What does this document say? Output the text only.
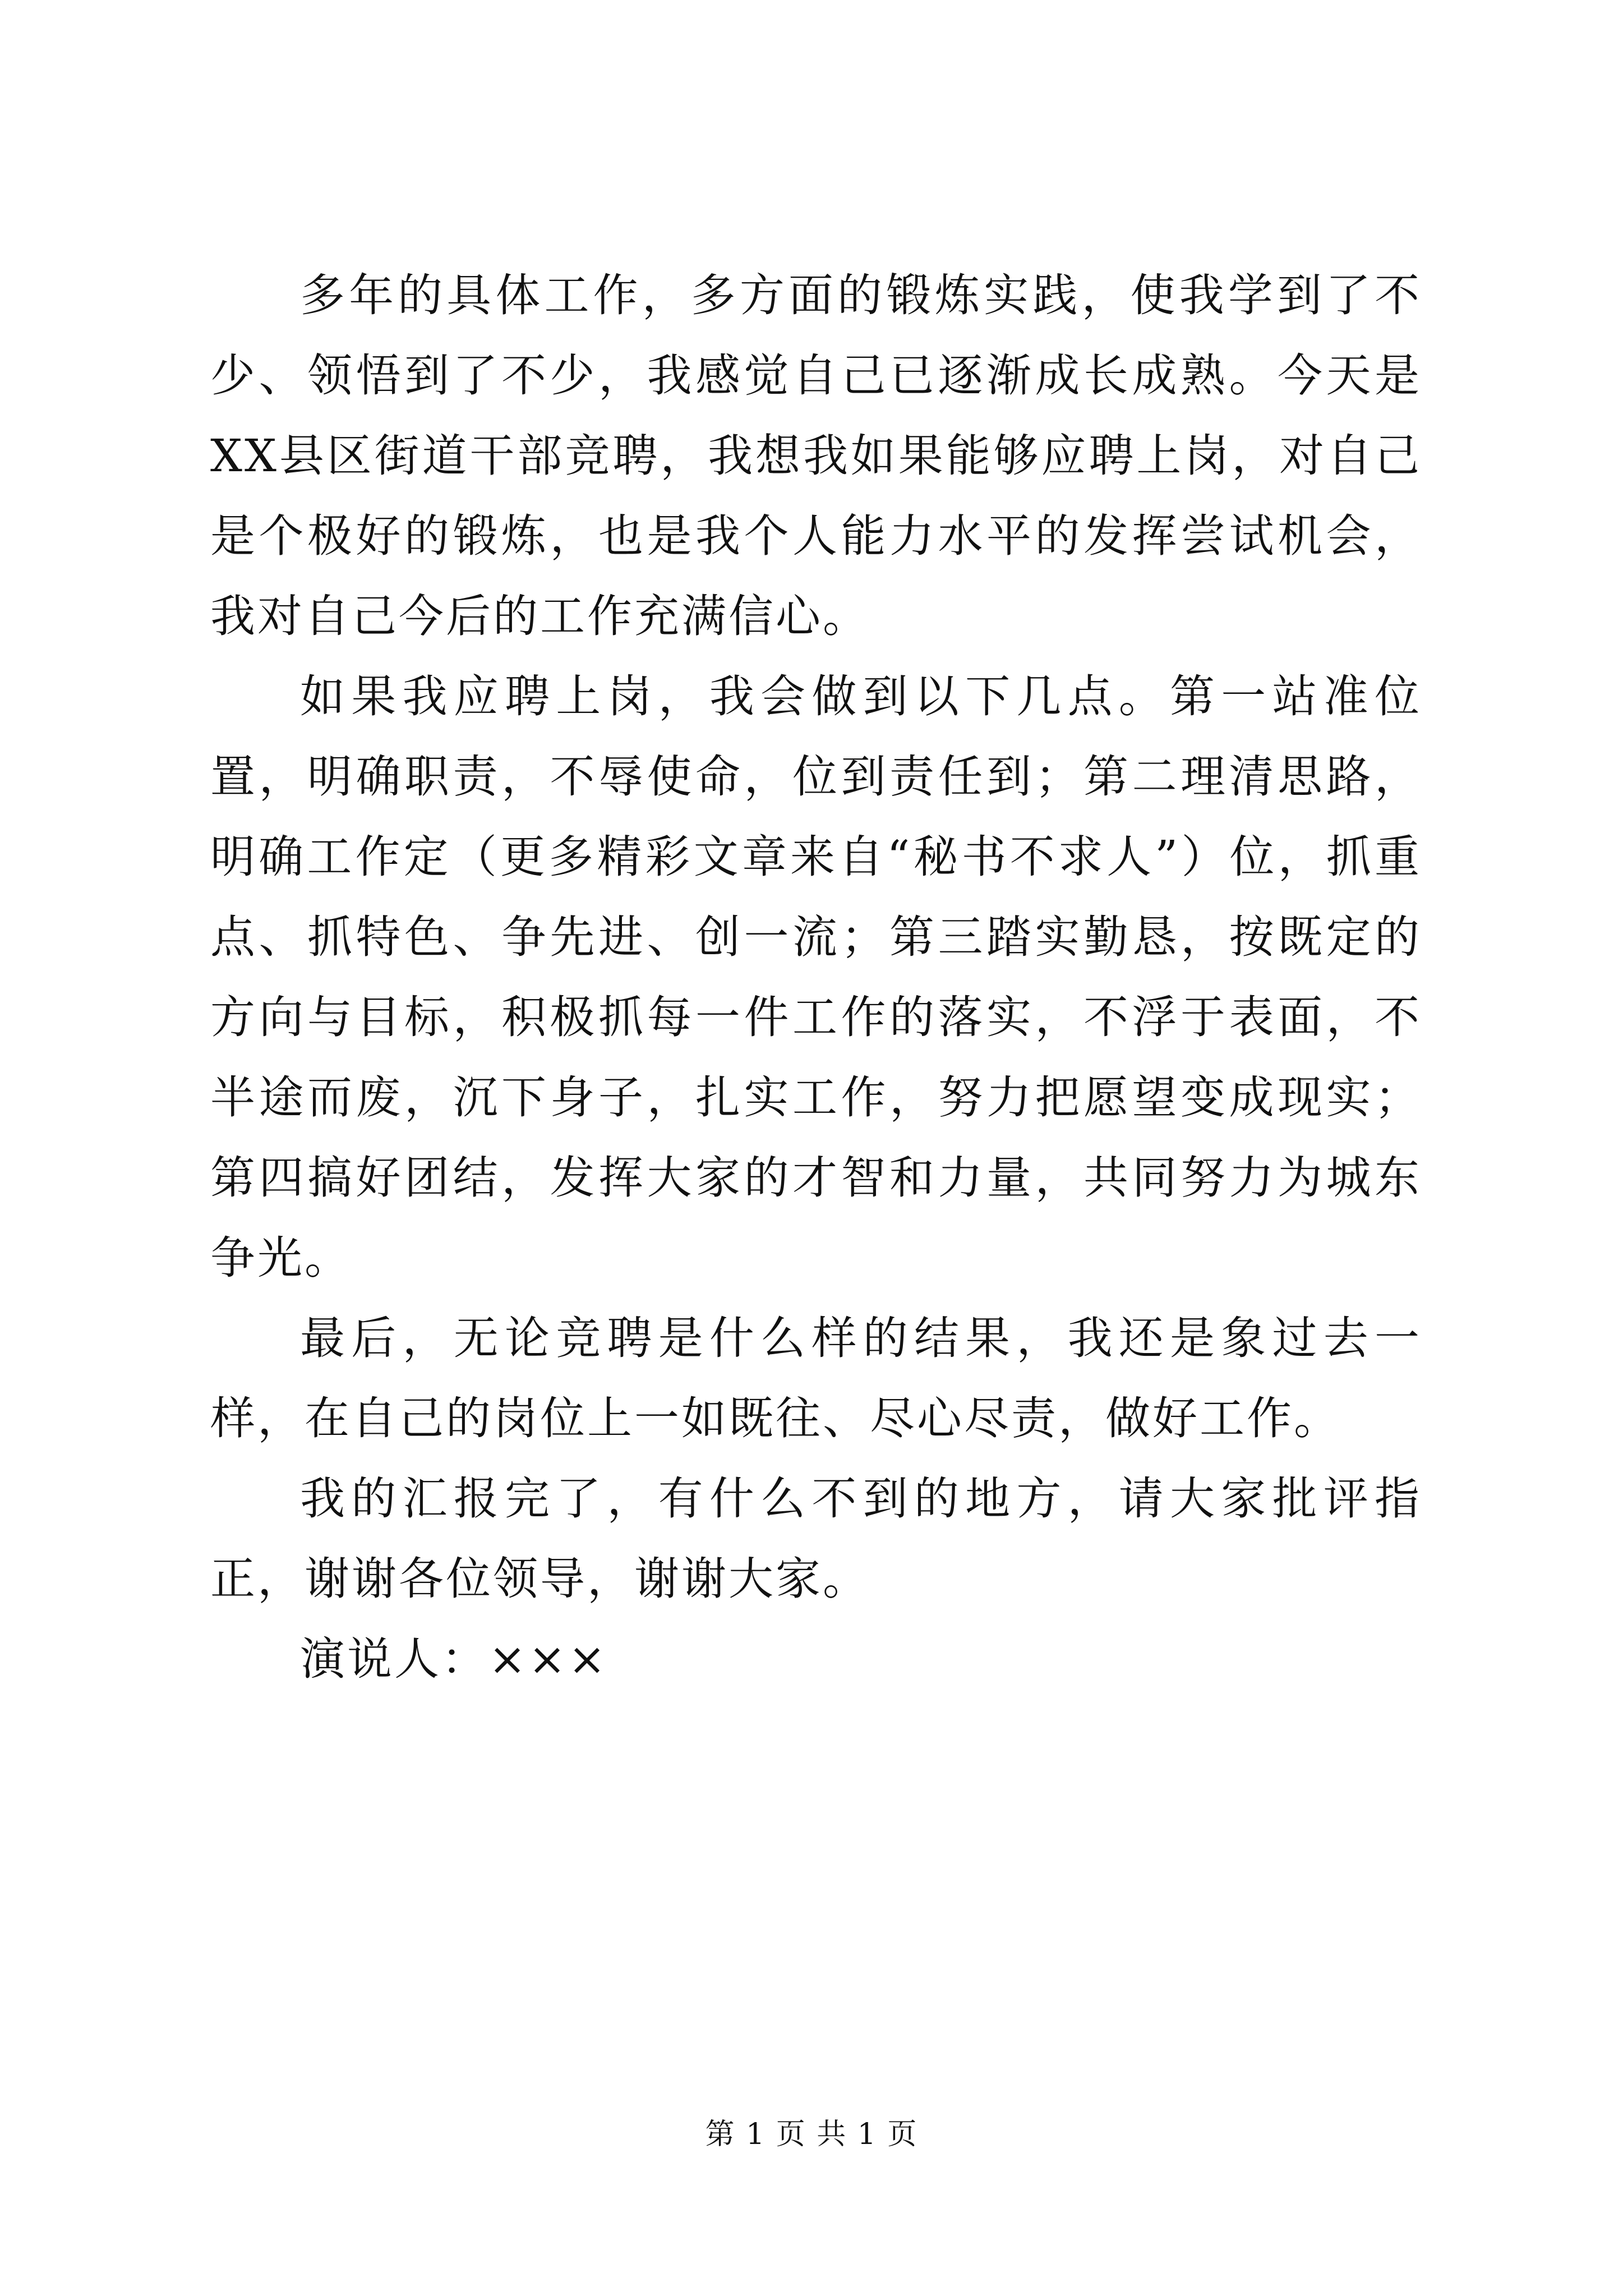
多年的具体工作，多方面的锻炼实践，使我学到了不少、领悟到了不少，我感觉自己已逐渐成长成熟。今天是XX县区街道干部竞聘，我想我如果能够应聘上岗，对自己是个极好的锻炼，也是我个人能力水平的发挥尝试机会，我对自己今后的工作充满信心。

如果我应聘上岗，我会做到以下几点。第一站准位置，明确职责，不辱使命，位到责任到；第二理清思路，明确工作定（更多精彩文章来自“秘书不求人”）位，抓重点、抓特色、争先进、创一流；第三踏实勤恳，按既定的方向与目标，积极抓每一件工作的落实，不浮于表面，不半途而废，沉下身子，扎实工作，努力把愿望变成现实；第四搞好团结，发挥大家的才智和力量，共同努力为城东争光。

最后，无论竞聘是什么样的结果，我还是象过去一样，在自己的岗位上一如既往、尽心尽责，做好工作。

我的汇报完了，有什么不到的地方，请大家批评指正，谢谢各位领导，谢谢大家。

演说人：×××

第 1 页 共 1 页
